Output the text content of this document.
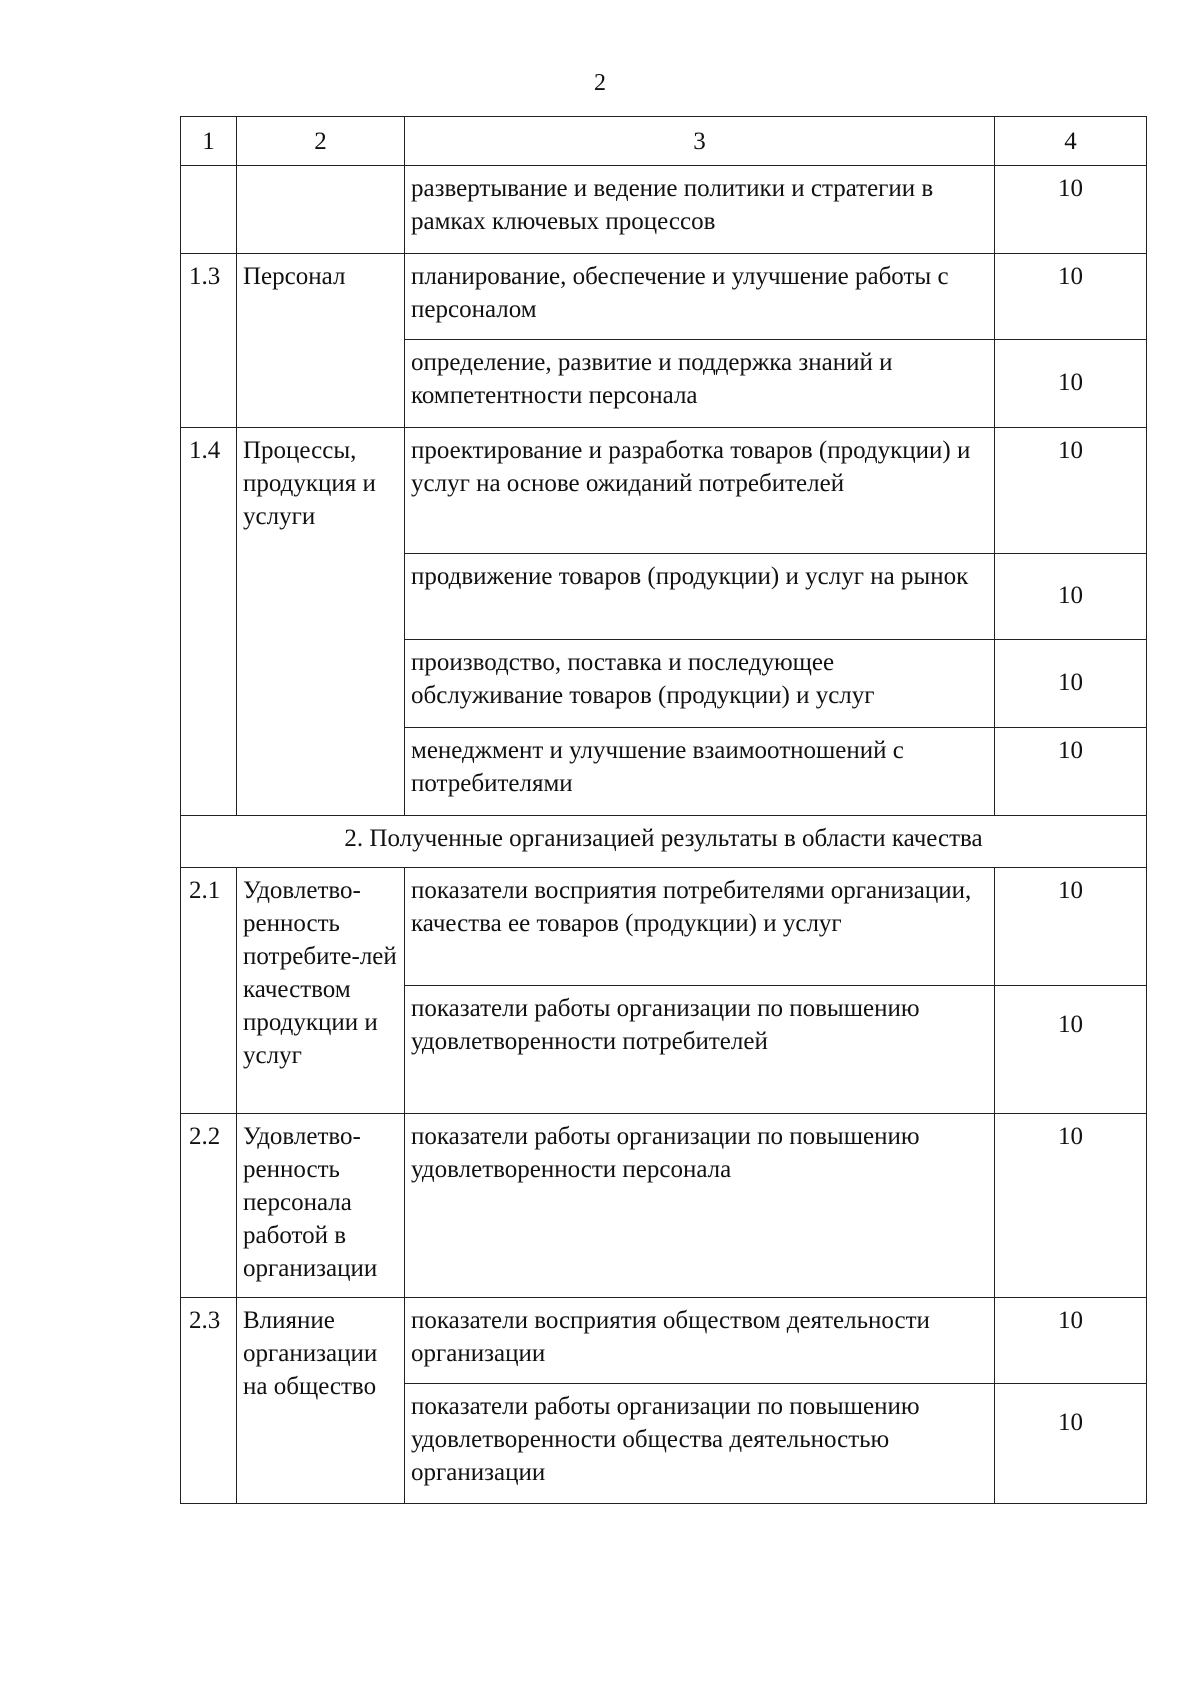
2
1	2	3	4
		развертывание и ведение политики и стратегии в рамках ключевых процессов	10
1.3	Персонал	планирование, обеспечение и улучшение работы с персоналом	10
		определение, развитие и поддержка знаний и компетентности персонала	10
1.4	Процессы, продукция и услуги	проектирование и разработка товаров (продукции) и услуг на основе ожиданий потребителей	10
		продвижение товаров (продукции) и услуг на рынок	10
		производство, поставка и последующее обслуживание товаров (продукции) и услуг	10
		менеджмент и улучшение взаимоотношений с потребителями	10
2. Полученные организацией результаты в области качества			
2.1	Удовлетво-ренность потребите-лей качеством продукции и услуг	показатели восприятия потребителями организации, качества ее товаров (продукции) и услуг	10
		показатели работы организации по повышению удовлетворенности потребителей	10
2.2	Удовлетво-ренность персонала работой в организации	показатели работы организации по повышению удовлетворенности персонала	10
2.3	Влияние организации на общество	показатели восприятия обществом деятельности организации	10
		показатели работы организации по повышению удовлетворенности общества деятельностью организации	10
